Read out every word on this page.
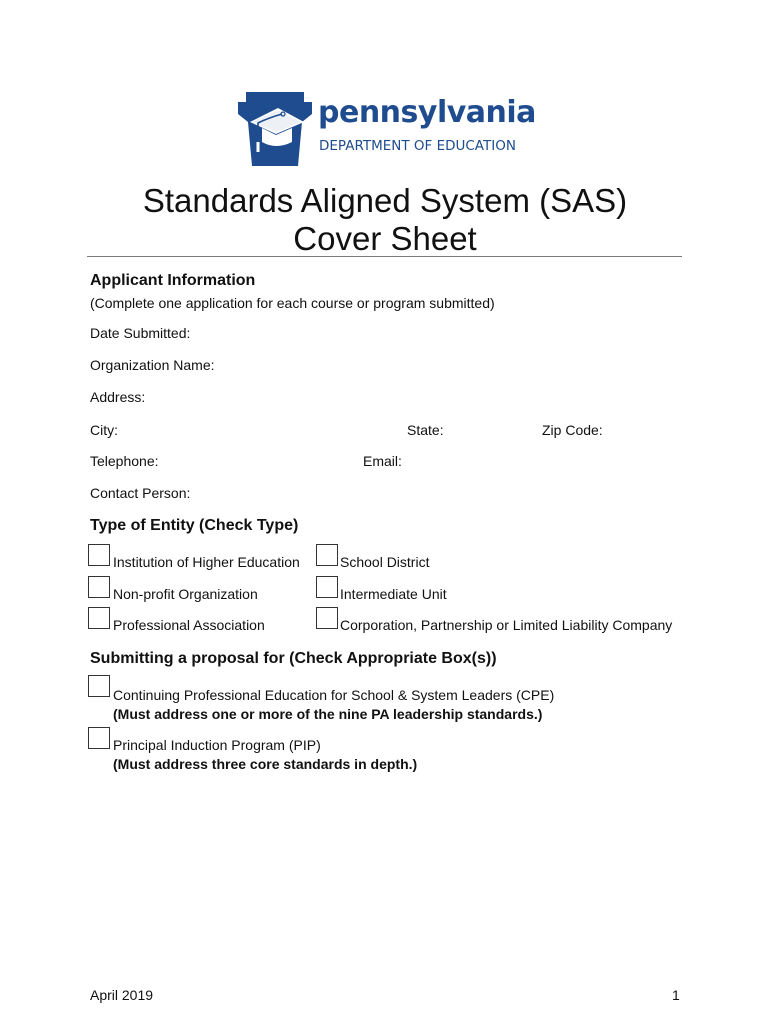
pennsylvania
DEPARTMENT OF EDUCATION
Standards Aligned System (SAS)
Cover Sheet
Applicant Information
(Complete one application for each course or program submitted)
Date Submitted:
Organization Name:
Address:
City:	State:	Zip Code:
Telephone:	Email:
Contact Person:
Type of Entity (Check Type)
Institution of Higher Education	School District
Non-profit Organization	Intermediate Unit
Professional Association	Corporation, Partnership or Limited Liability Company
Submitting a proposal for (Check Appropriate Box(s))
Continuing Professional Education for School & System Leaders (CPE)
(Must address one or more of the nine PA leadership standards.)
Principal Induction Program (PIP)
(Must address three core standards in depth.)
April 2019	1
